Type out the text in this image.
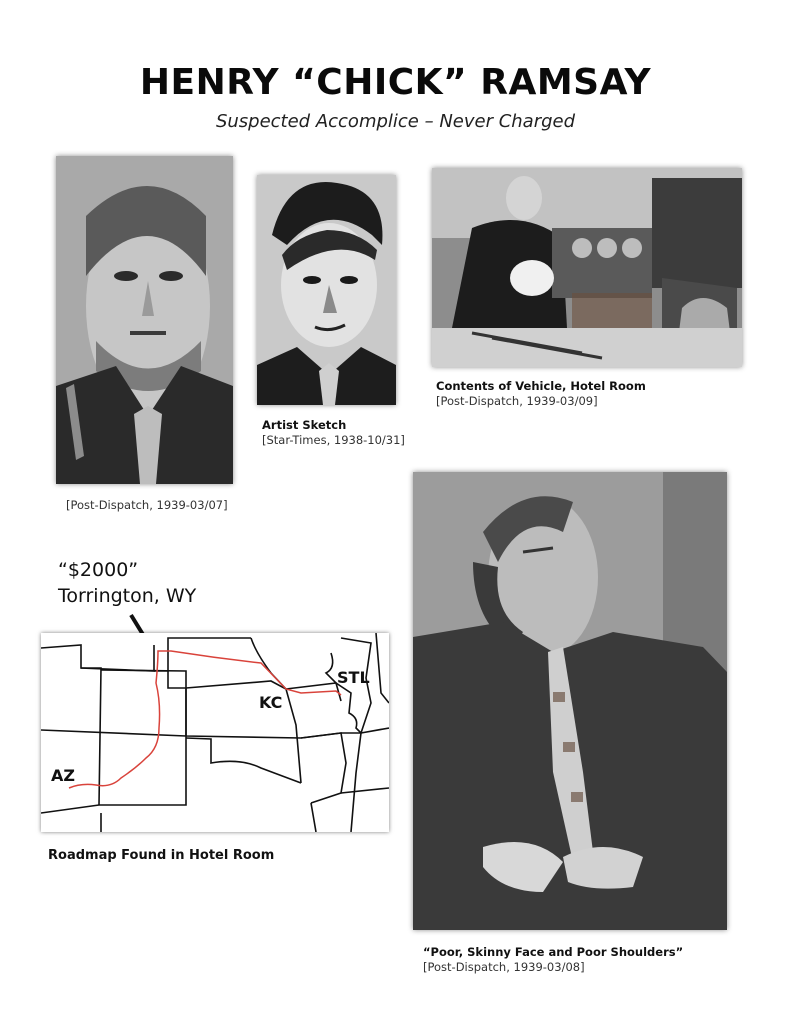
HENRY “CHICK” RAMSAY
Suspected Accomplice – Never Charged
[Post-Dispatch, 1939-03/07]
Artist Sketch
[Star-Times, 1938-10/31]
Contents of Vehicle, Hotel Room
[Post-Dispatch, 1939-03/09]
“$2000”
Torrington, WY
STL
KC
AZ
Roadmap Found in Hotel Room
“Poor, Skinny Face and Poor Shoulders”
[Post-Dispatch, 1939-03/08]
